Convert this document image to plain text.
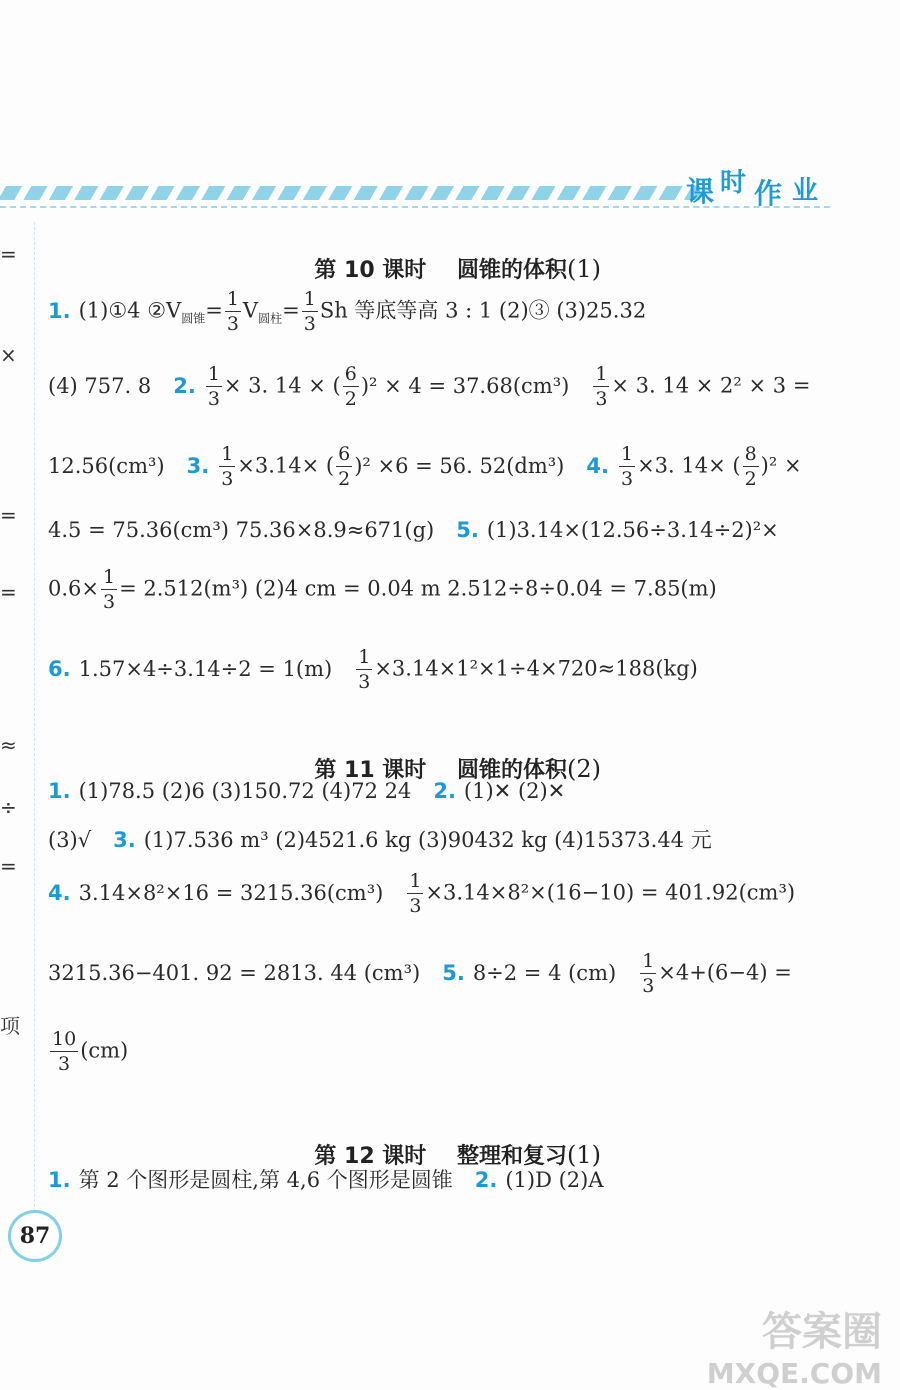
课 时 作 业
=
×
=
=
≈
÷
=
项

第 10 课时    圆锥的体积(1)

1. (1)①4 $②V_{圆锥}= \frac{1}{3} V_{圆柱}= \frac{1}{3}$ Sh 等底等高 3 : 1 (2)③ (3)25.32
(4) 757. 8 2. $\frac{1}{3} \times 3$. 14 × ( $\frac{6}{2} )^2 \times 4 = 37.68(cm^3) \frac{1}{3} \times 3$. 14 × 2² × 3 =
12.56(cm³) 3. $\frac{1}{3} \times 3.14\times$ ( $\frac{6}{2} )^2 \times 6 = 56$. 52(dm³) 4. $\frac{1}{3} \times 3$. 14× ( $\frac{8}{2} )^2$ ×
4.5 = 75.36(cm³) 75.36×8.9≈671(g) 5. (1)3.14×(12.56÷3.14÷2)²×
$0.6\times \frac{1}{3} = 2.512(m^3)$ (2)4 cm = 0.04 m 2.512÷8÷0.04 = 7.85(m)
6. $1.57\times 4\div 3.14\div 2 = 1(m) \frac{1}{3} \times 3.14\times 1^2\times 1\div 4\times 720\approx 188(kg)$

第 11 课时    圆锥的体积(2)

1. (1)78.5 (2)6 (3)150.72 (4)72 24 2. (1)✕ (2)✕
(3)√ 3. (1)7.536 m³ (2)4521.6 kg (3)90432 kg (4)15373.44 元
4. $3.14\times 8^2\times 16 = 3215.36(cm^3) \frac{1}{3} \times 3.14\times 8^2\times(16-10) = 401.92(cm^3)$
3215.36−401. 92 = 2813. 44 (cm³) 5. 8÷2 = 4 $(cm) \frac{1}{3} \times 4+(6-4)$ =
$\frac{10}{3} (cm)$

第 12 课时    整理和复习(1)

1. 第 2 个图形是圆柱,第 4,6 个图形是圆锥 2. (1)D (2)A
87
答案圈
MXQE.COM
